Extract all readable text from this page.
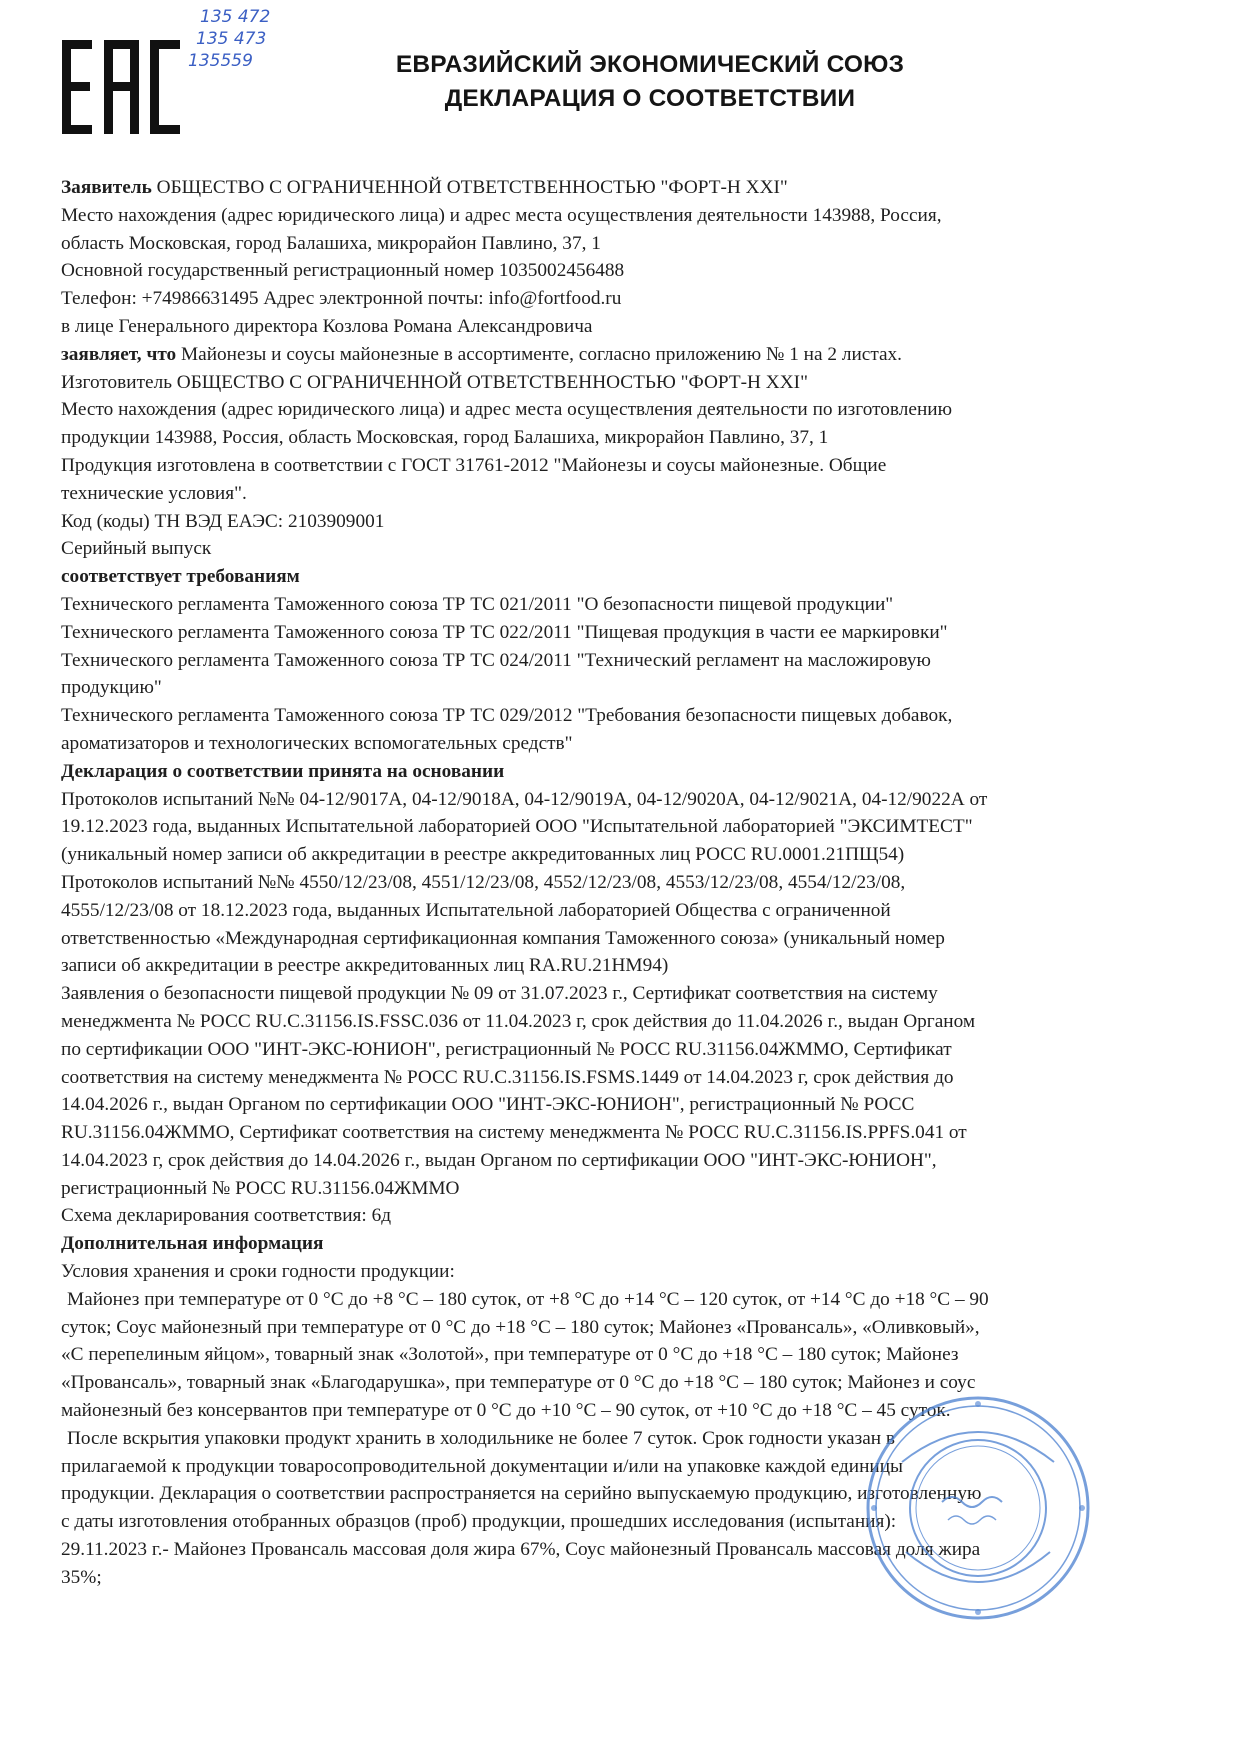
135 472
135 473
135559	ЕВРАЗИЙСКИЙ ЭКОНОМИЧЕСКИЙ СОЮЗ
ДЕКЛАРАЦИЯ О СООТВЕТСТВИИ

Заявитель ОБЩЕСТВО С ОГРАНИЧЕННОЙ ОТВЕТСТВЕННОСТЬЮ "ФОРТ-Н XXI"

Место нахождения (адрес юридического лица) и адрес места осуществления деятельности 143988, Россия,

область Московская, город Балашиха, микрорайон Павлино, 37, 1

Основной государственный регистрационный номер 1035002456488

Телефон: +74986631495 Адрес электронной почты: info@fortfood.ru

в лице Генерального директора Козлова Романа Александровича

заявляет, что Майонезы и соусы майонезные в ассортименте, согласно приложению № 1 на 2 листах.

Изготовитель ОБЩЕСТВО С ОГРАНИЧЕННОЙ ОТВЕТСТВЕННОСТЬЮ "ФОРТ-Н XXI"

Место нахождения (адрес юридического лица) и адрес места осуществления деятельности по изготовлению

продукции 143988, Россия, область Московская, город Балашиха, микрорайон Павлино, 37, 1

Продукция изготовлена в соответствии с ГОСТ 31761-2012 "Майонезы и соусы майонезные. Общие

технические условия".

Код (коды) ТН ВЭД ЕАЭС: 2103909001

Серийный выпуск

соответствует требованиям

Технического регламента Таможенного союза ТР ТС 021/2011 "О безопасности пищевой продукции"

Технического регламента Таможенного союза ТР ТС 022/2011 "Пищевая продукция в части ее маркировки"

Технического регламента Таможенного союза ТР ТС 024/2011 "Технический регламент на масложировую

продукцию"

Технического регламента Таможенного союза ТР ТС 029/2012 "Требования безопасности пищевых добавок,

ароматизаторов и технологических вспомогательных средств"

Декларация о соответствии принята на основании

Протоколов испытаний №№ 04-12/9017А, 04-12/9018А, 04-12/9019А, 04-12/9020А, 04-12/9021А, 04-12/9022А от

19.12.2023 года, выданных Испытательной лабораторией ООО "Испытательной лабораторией "ЭКСИМТЕСТ"

(уникальный номер записи об аккредитации в реестре аккредитованных лиц РОСС RU.0001.21ПЩ54)

Протоколов испытаний №№ 4550/12/23/08, 4551/12/23/08, 4552/12/23/08, 4553/12/23/08, 4554/12/23/08,

4555/12/23/08 от 18.12.2023 года, выданных Испытательной лабораторией Общества с ограниченной

ответственностью «Международная сертификационная компания Таможенного союза» (уникальный номер

записи об аккредитации в реестре аккредитованных лиц RA.RU.21НМ94)

Заявления о безопасности пищевой продукции № 09 от 31.07.2023 г., Сертификат соответствия на систему

менеджмента № РОСС RU.C.31156.IS.FSSC.036 от 11.04.2023 г, срок действия до 11.04.2026 г., выдан Органом

по сертификации ООО "ИНТ-ЭКС-ЮНИОН", регистрационный № РОСС RU.31156.04ЖММО, Сертификат

соответствия на систему менеджмента № РОСС RU.C.31156.IS.FSMS.1449 от 14.04.2023 г, срок действия до

14.04.2026 г., выдан Органом по сертификации ООО "ИНТ-ЭКС-ЮНИОН", регистрационный № РОСС

RU.31156.04ЖММО, Сертификат соответствия на систему менеджмента № РОСС RU.C.31156.IS.PPFS.041 от

14.04.2023 г, срок действия до 14.04.2026 г., выдан Органом по сертификации ООО "ИНТ-ЭКС-ЮНИОН",

регистрационный № РОСС RU.31156.04ЖММО

Схема декларирования соответствия: 6д

Дополнительная информация

Условия хранения и сроки годности продукции:

Майонез при температуре от 0 °С до +8 °С – 180 суток, от +8 °С до +14 °С – 120 суток, от +14 °С до +18 °С – 90

суток; Соус майонезный при температуре от 0 °С до +18 °С – 180 суток; Майонез «Провансаль», «Оливковый»,

«С перепелиным яйцом», товарный знак «Золотой», при температуре от 0 °С до +18 °С – 180 суток; Майонез

«Провансаль», товарный знак «Благодарушка», при температуре от 0 °С до +18 °С – 180 суток; Майонез и соус

майонезный без консервантов при температуре от 0 °С до +10 °С – 90 суток, от +10 °С до +18 °С – 45 суток.

После вскрытия упаковки продукт хранить в холодильнике не более 7 суток. Срок годности указан в

прилагаемой к продукции товаросопроводительной документации и/или на упаковке каждой единицы

продукции. Декларация о соответствии распространяется на серийно выпускаемую продукцию, изготовленную

с даты изготовления отобранных образцов (проб) продукции, прошедших исследования (испытания):

29.11.2023 г.- Майонез Провансаль массовая доля жира 67%, Соус майонезный Провансаль массовая доля жира

35%;
